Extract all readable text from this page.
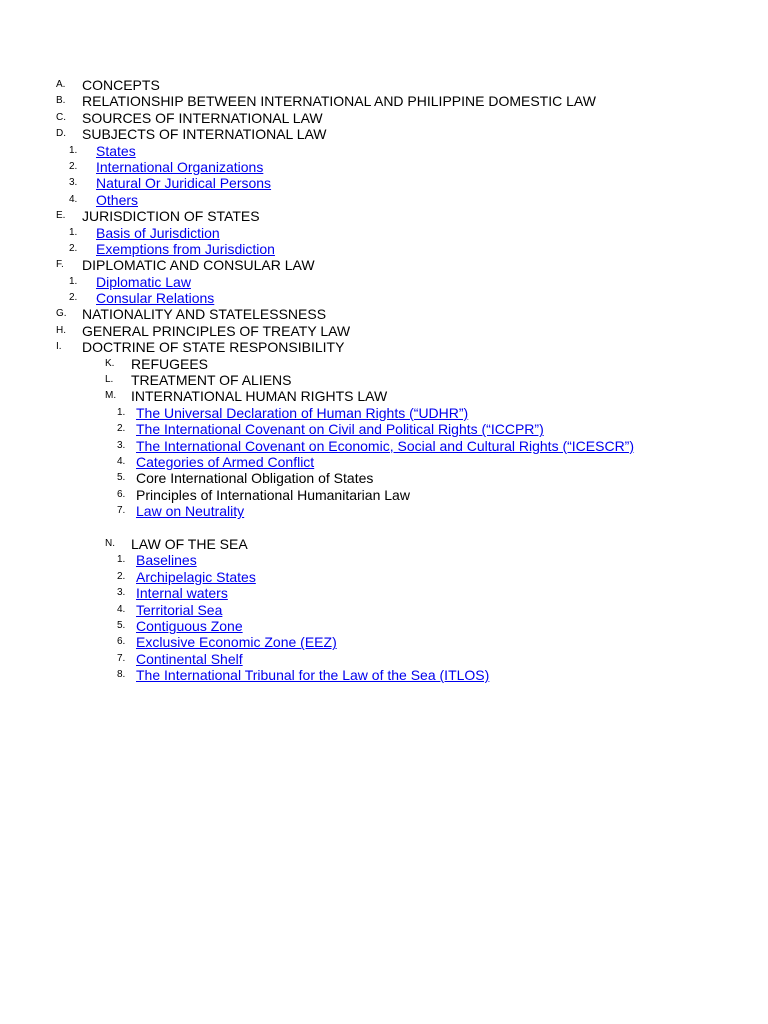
A. CONCEPTS
B. RELATIONSHIP BETWEEN INTERNATIONAL AND PHILIPPINE DOMESTIC LAW
C. SOURCES OF INTERNATIONAL LAW
D. SUBJECTS OF INTERNATIONAL LAW
1. States
2. International Organizations
3. Natural Or Juridical Persons
4. Others
E. JURISDICTION OF STATES
1. Basis of Jurisdiction
2. Exemptions from Jurisdiction
F. DIPLOMATIC AND CONSULAR LAW
1. Diplomatic Law
2. Consular Relations
G. NATIONALITY AND STATELESSNESS
H. GENERAL PRINCIPLES OF TREATY LAW
I. DOCTRINE OF STATE RESPONSIBILITY
K. REFUGEES
L. TREATMENT OF ALIENS
M. INTERNATIONAL HUMAN RIGHTS LAW
1. The Universal Declaration of Human Rights (“UDHR”)
2. The International Covenant on Civil and Political Rights (“ICCPR”)
3. The International Covenant on Economic, Social and Cultural Rights (“ICESCR”)
4. Categories of Armed Conflict
5. Core International Obligation of States
6. Principles of International Humanitarian Law
7. Law on Neutrality
N. LAW OF THE SEA
1. Baselines
2. Archipelagic States
3. Internal waters
4. Territorial Sea
5. Contiguous Zone
6. Exclusive Economic Zone (EEZ)
7. Continental Shelf
8. The International Tribunal for the Law of the Sea (ITLOS)
